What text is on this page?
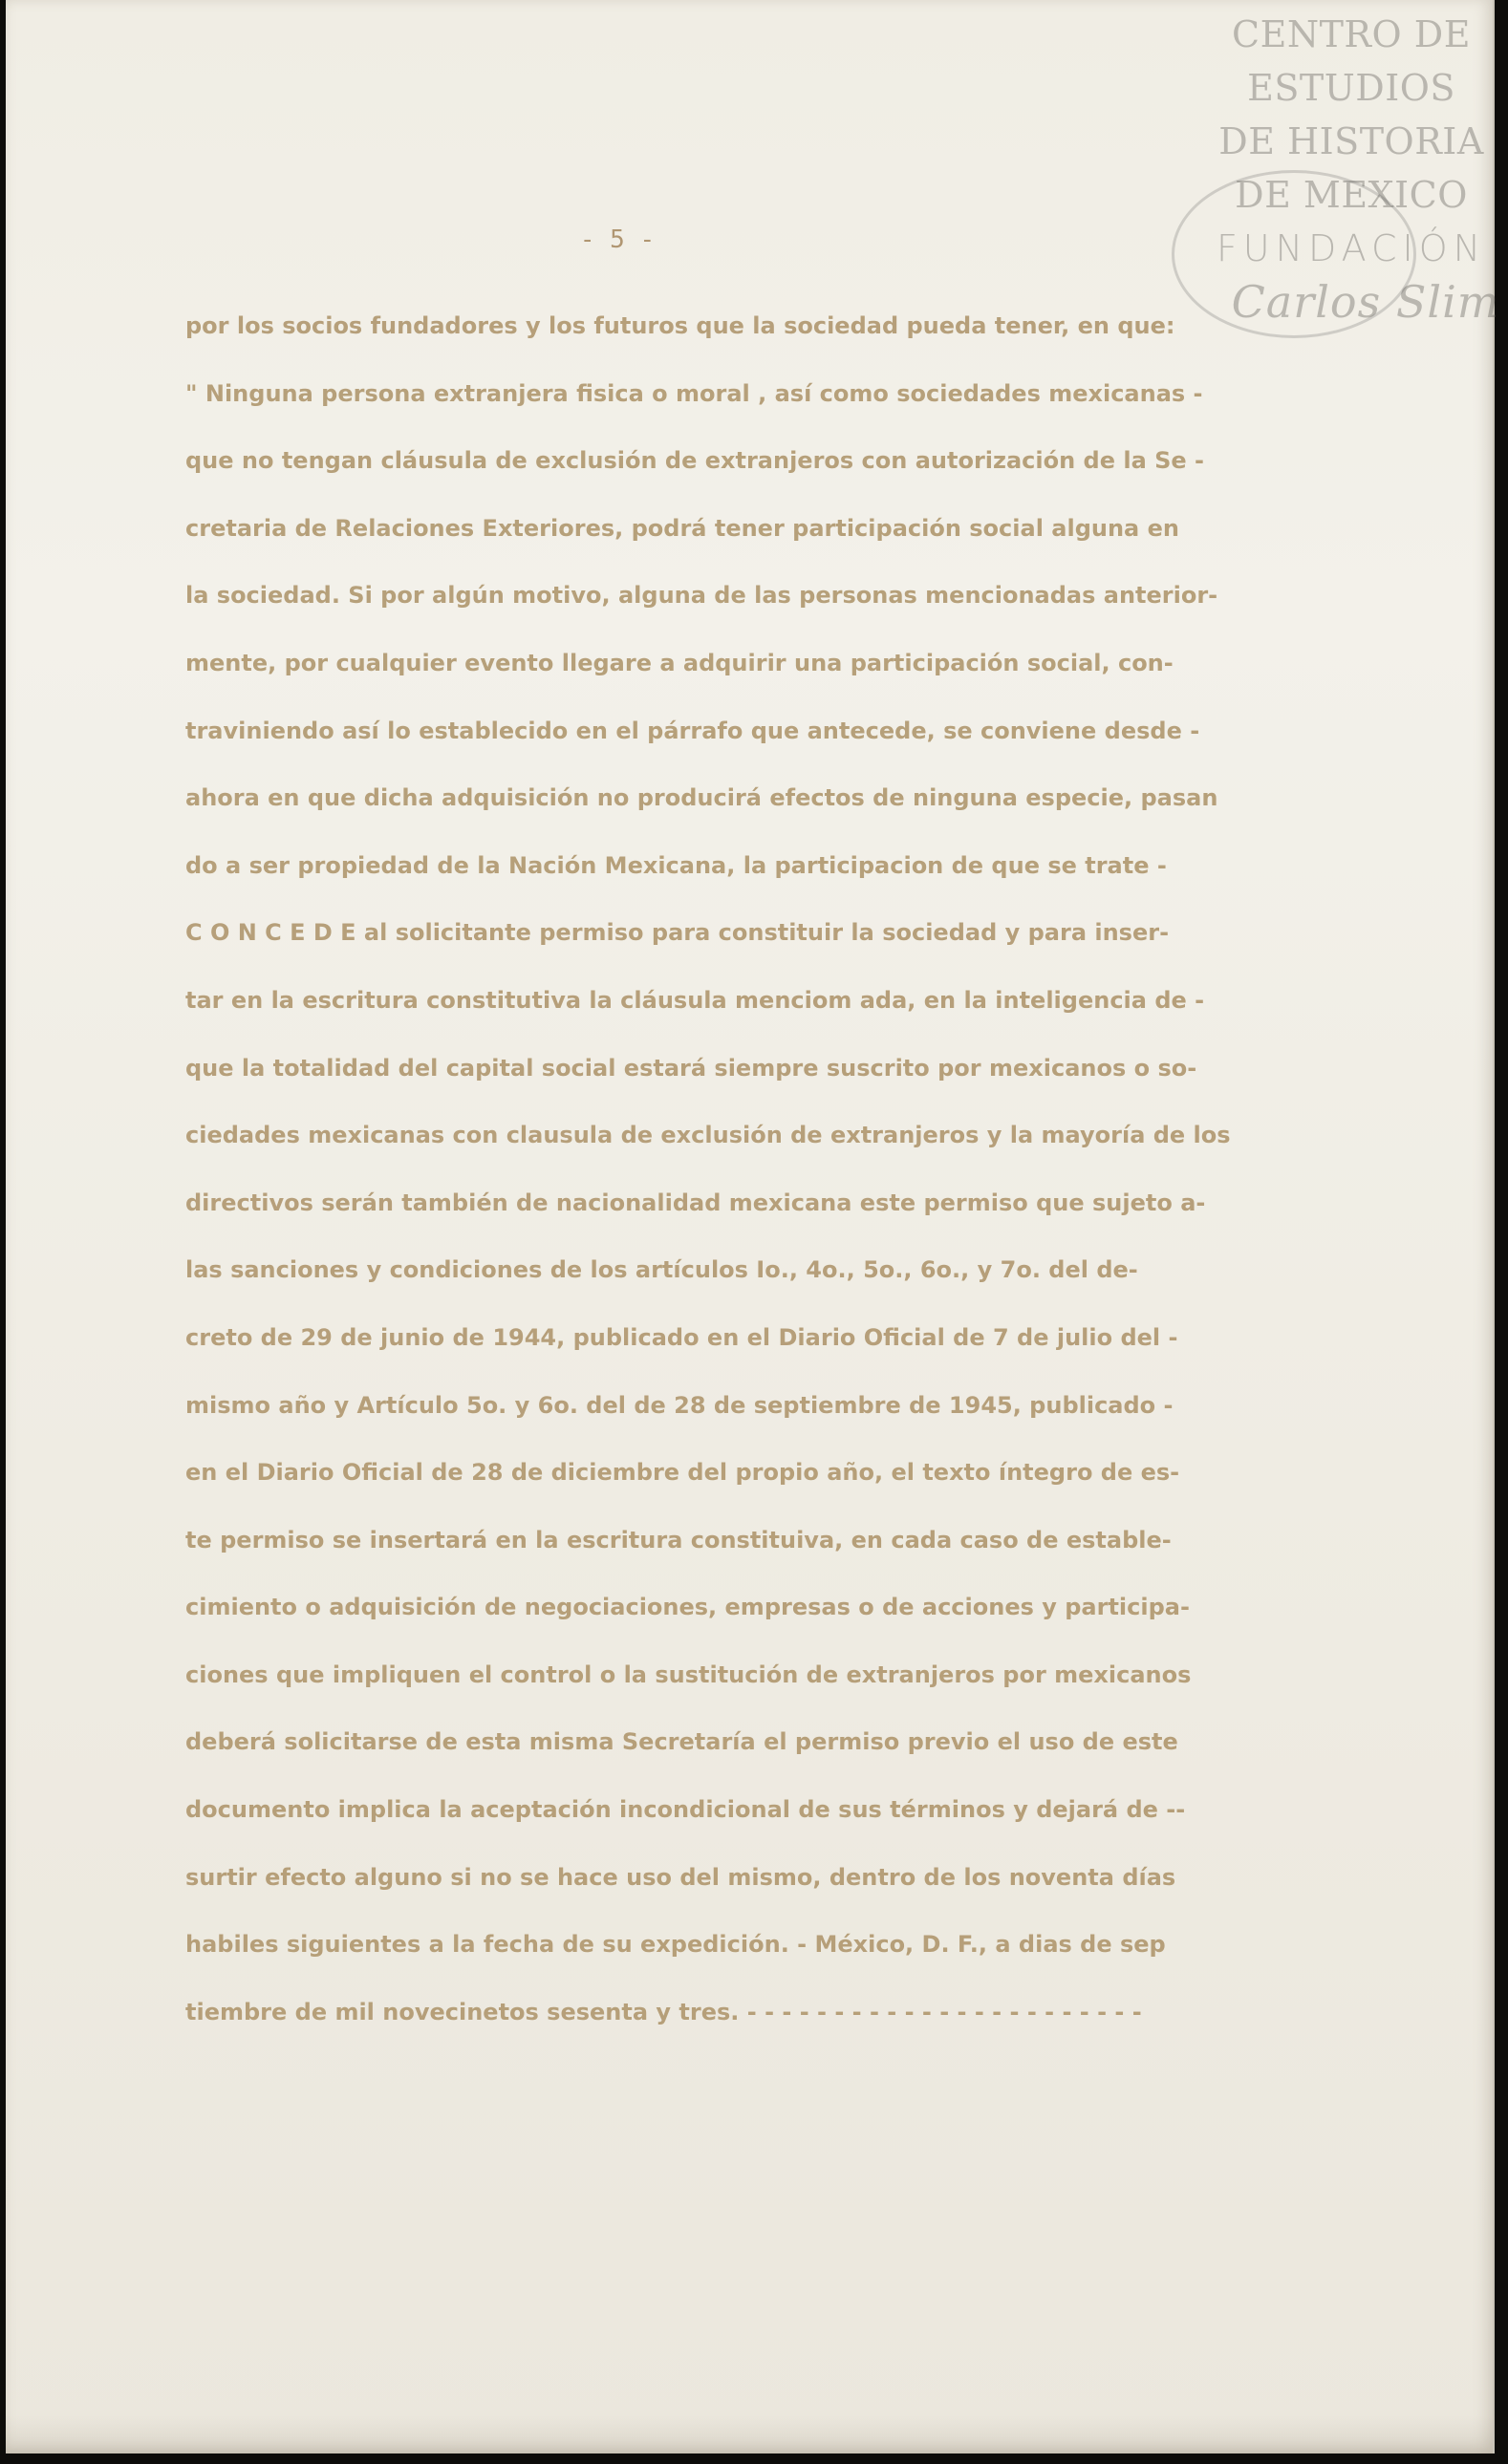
CENTRO DE
ESTUDIOS
DE HISTORIA
DE MEXICO
FUNDACIÓN
Carlos Slim
- 5 -
por los socios fundadores y los futuros que la sociedad pueda tener, en que:
" Ninguna persona extranjera fisica o moral , así como sociedades mexicanas -
que no tengan cláusula de exclusión de extranjeros con autorización de la Se -
cretaria de Relaciones Exteriores, podrá tener participación social alguna en
la sociedad. Si por algún motivo, alguna de las personas mencionadas anterior-
mente, por cualquier evento llegare a adquirir una participación social, con-
traviniendo así lo establecido en el párrafo que antecede, se conviene desde -
ahora en que dicha adquisición no producirá efectos de ninguna especie, pasan
do a ser propiedad de la Nación Mexicana, la participacion de que se trate -
C O N C E D E al solicitante permiso para constituir la sociedad y para inser-
tar en la escritura constitutiva la cláusula menciom ada, en la inteligencia de -
que la totalidad del capital social estará siempre suscrito por mexicanos o so-
ciedades mexicanas con clausula de exclusión de extranjeros y la mayoría de los
directivos serán también de nacionalidad mexicana este permiso que sujeto a-
las sanciones y condiciones de los artículos Io., 4o., 5o., 6o., y 7o. del de-
creto de 29 de junio de 1944, publicado en el Diario Oficial de 7 de julio del -
mismo año y Artículo 5o. y 6o. del de 28 de septiembre de 1945, publicado -
en el Diario Oficial de 28 de diciembre del propio año, el texto íntegro de es-
te permiso se insertará en la escritura constituiva, en cada caso de estable-
cimiento o adquisición de negociaciones, empresas o de acciones y participa-
ciones que impliquen el control o la sustitución de extranjeros por mexicanos
deberá solicitarse de esta misma Secretaría el permiso previo el uso de este
documento implica la aceptación incondicional de sus términos y dejará de --
surtir efecto alguno si no se hace uso del mismo, dentro de los noventa días
habiles siguientes a la fecha de su expedición. - México, D. F., a dias de sep
tiembre de mil novecinetos sesenta y tres. - - - - - - - - - - - - - - - - - - - - - - -
